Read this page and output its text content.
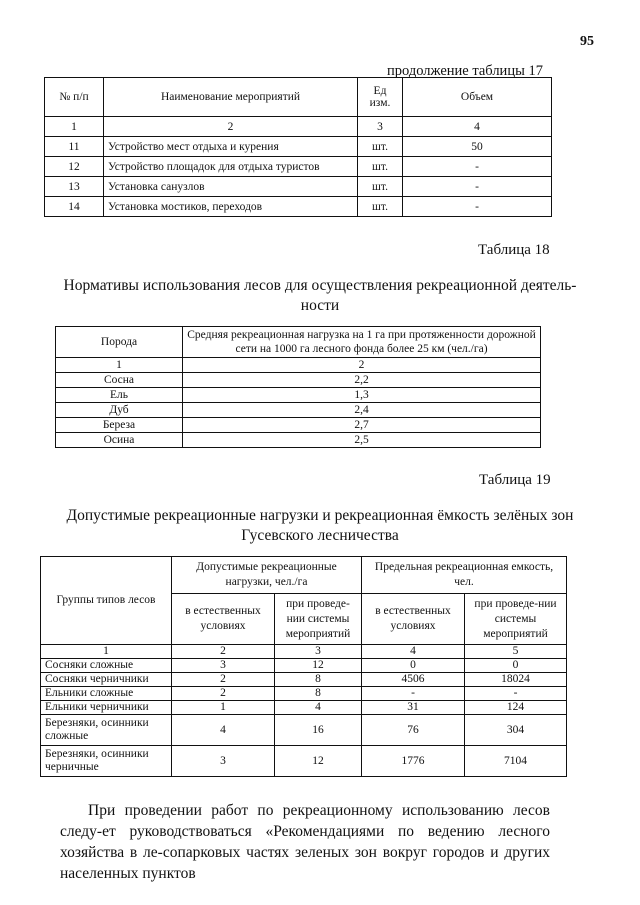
95
продолжение таблицы 17
№ п/п	Наименование мероприятий	Ед изм.	Объем
1	2	3	4
11	Устройство мест отдыха и курения	шт.	50
12	Устройство площадок для отдыха туристов	шт.	-
13	Установка санузлов	шт.	-
14	Установка мостиков, переходов	шт.	-
Таблица 18
Нормативы использования лесов для осуществления рекреационной деятель-ности
Порода	Средняя рекреационная нагрузка на 1 га при протяженности дорожной сети на 1000 га лесного фонда более 25 км (чел./га)
1	2
Сосна	2,2
Ель	1,3
Дуб	2,4
Береза	2,7
Осина	2,5
Таблица 19
Допустимые рекреационные нагрузки и рекреационная ёмкость зелёных зон Гусевского лесничества
Группы типов лесов	Допустимые рекреационные нагрузки, чел./га		Предельная рекреационная емкость, чел.	
	в естественных условиях	при проведе-нии системы мероприятий	в естественных условиях	при проведе-нии системы мероприятий
1	2	3	4	5
Сосняки сложные	3	12	0	0
Сосняки черничники	2	8	4506	18024
Ельники сложные	2	8	-	-
Ельники черничники	1	4	31	124
Березняки, осинники сложные	4	16	76	304
Березняки, осинники черничные	3	12	1776	7104

При проведении работ по рекреационному использованию лесов следу-ет руководствоваться «Рекомендациями по ведению лесного хозяйства в ле-сопарковых частях зеленых зон вокруг городов и других населенных пунктов
